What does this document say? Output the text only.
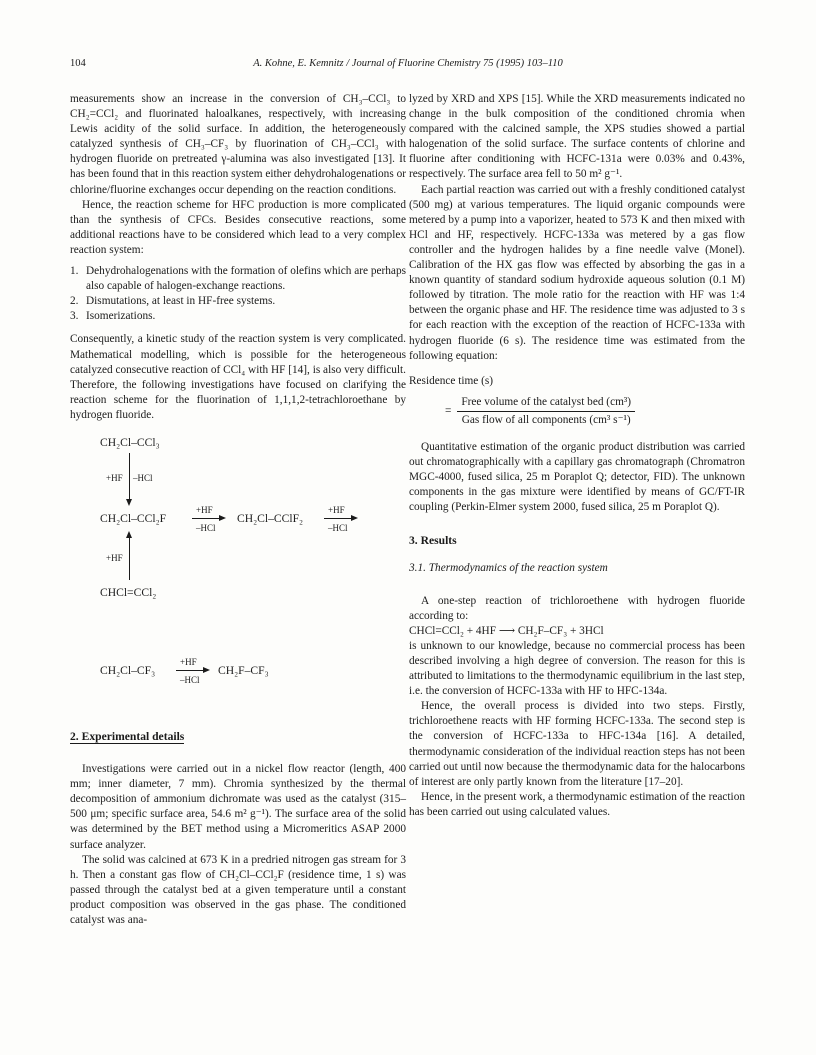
104	A. Kohne, E. Kemnitz / Journal of Fluorine Chemistry 75 (1995) 103–110

measurements show an increase in the conversion of CH₃–CCl₃ to CH₂=CCl₂ and fluorinated haloalkanes, respectively, with increasing Lewis acidity of the solid surface. In addition, the heterogeneously catalyzed synthesis of CH₃–CF₃ by fluorination of CH₃–CCl₃ with hydrogen fluoride on pretreated γ-alumina was also investigated [13]. It has been found that in this reaction system either dehydrohalogenations or chlorine/fluorine exchanges occur depending on the reaction conditions.

Hence, the reaction scheme for HFC production is more complicated than the synthesis of CFCs. Besides consecutive reactions, some additional reactions have to be considered which lead to a very complex reaction system:

1. Dehydrohalogenations with the formation of olefins which are perhaps also capable of halogen-exchange reactions.
2. Dismutations, at least in HF-free systems.
3. Isomerizations.

Consequently, a kinetic study of the reaction system is very complicated. Mathematical modelling, which is possible for the heterogeneous catalyzed consecutive reaction of CCl₄ with HF [14], is also very difficult. Therefore, the following investigations have focused on clarifying the reaction scheme for the fluorination of 1,1,1,2-tetrachloroethane by hydrogen fluoride.

CH₂Cl–CCl₃
+HF –HCl
CH₂Cl–CCl₂F
+HF
–HCl
CH₂Cl–CClF₂
+HF
–HCl
+HF
CHCl=CCl₂
CH₂Cl–CF₃
+HF
–HCl
CH₂F–CF₃
2. Experimental details

Investigations were carried out in a nickel flow reactor (length, 400 mm; inner diameter, 7 mm). Chromia synthesized by the thermal decomposition of ammonium dichromate was used as the catalyst (315–500 μm; specific surface area, 54.6 m² g⁻¹). The surface area of the solid was determined by the BET method using a Micromeritics ASAP 2000 surface analyzer.

The solid was calcined at 673 K in a predried nitrogen gas stream for 3 h. Then a constant gas flow of CH₂Cl–CCl₂F (residence time, 1 s) was passed through the catalyst bed at a given temperature until a constant product composition was observed in the gas phase. The conditioned catalyst was ana-

lyzed by XRD and XPS [15]. While the XRD measurements indicated no change in the bulk composition of the conditioned chromia when compared with the calcined sample, the XPS studies showed a partial halogenation of the solid surface. The surface contents of chlorine and fluorine after conditioning with HCFC-131a were 0.03% and 0.43%, respectively. The surface area fell to 50 m² g⁻¹.

Each partial reaction was carried out with a freshly conditioned catalyst (500 mg) at various temperatures. The liquid organic compounds were metered by a pump into a vaporizer, heated to 573 K and then mixed with HCl and HF, respectively. HCFC-133a was metered by a gas flow controller and the hydrogen halides by a fine needle valve (Monel). Calibration of the HX gas flow was effected by absorbing the gas in a known quantity of standard sodium hydroxide aqueous solution (0.1 M) followed by titration. The mole ratio for the reaction with HF was 1:4 between the organic phase and HF. The residence time was adjusted to 3 s for each reaction with the exception of the reaction of HCFC-133a with hydrogen fluoride (6 s). The residence time was estimated from the following equation:

Residence time (s)

= $\frac{\text{Free volume of the catalyst bed (cm³)}}{\text{Gas flow of all components (cm³ s⁻¹)}}$

Quantitative estimation of the organic product distribution was carried out chromatographically with a capillary gas chromatograph (Chromatron MGC-4000, fused silica, 25 m Poraplot Q; detector, FID). The unknown components in the gas mixture were identified by means of GC/FT-IR coupling (Perkin-Elmer system 2000, fused silica, 25 m Poraplot Q).

3. Results
3.1. Thermodynamics of the reaction system

A one-step reaction of trichloroethene with hydrogen fluoride according to:

CHCl=CCl₂ + 4HF ⟶ CH₂F–CF₃ + 3HCl

is unknown to our knowledge, because no commercial process has been described involving a high degree of conversion. The reason for this is attributed to limitations to the thermodynamic equilibrium in the last step, i.e. the conversion of HCFC-133a with HF to HFC-134a.

Hence, the overall process is divided into two steps. Firstly, trichloroethene reacts with HF forming HCFC-133a. The second step is the conversion of HCFC-133a to HFC-134a [16]. A detailed, thermodynamic consideration of the individual reaction steps has not been carried out until now because the thermodynamic data for the halocarbons of interest are only partly known from the literature [17–20].

Hence, in the present work, a thermodynamic estimation of the reaction has been carried out using calculated values.
